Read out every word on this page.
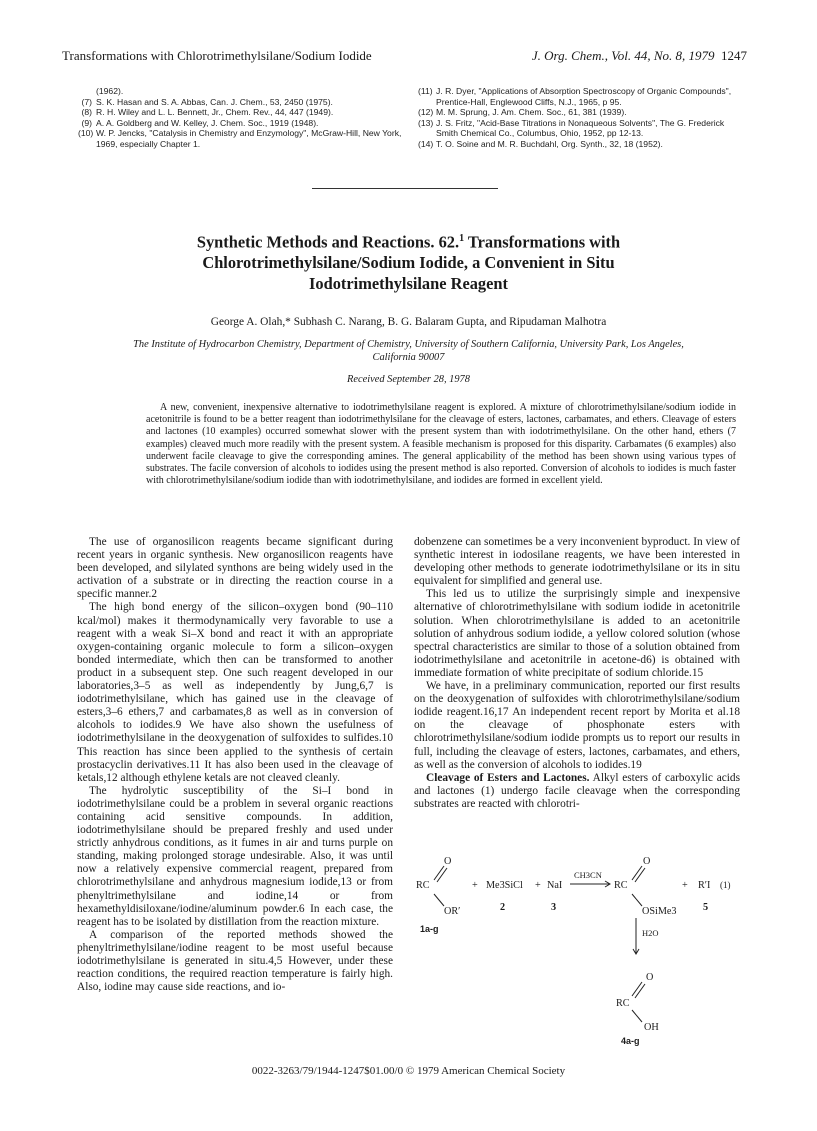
Transformations with Chlorotrimethylsilane/Sodium Iodide	J. Org. Chem., Vol. 44, No. 8, 1979 1247
(1962).
(7) S. K. Hasan and S. A. Abbas, Can. J. Chem., 53, 2450 (1975).
(8) R. H. Wiley and L. L. Bennett, Jr., Chem. Rev., 44, 447 (1949).
(9) A. A. Goldberg and W. Kelley, J. Chem. Soc., 1919 (1948).
(10) W. P. Jencks, "Catalysis in Chemistry and Enzymology", McGraw-Hill, New York, 1969, especially Chapter 1.
(11) J. R. Dyer, "Applications of Absorption Spectroscopy of Organic Compounds", Prentice-Hall, Englewood Cliffs, N.J., 1965, p 95.
(12) M. M. Sprung, J. Am. Chem. Soc., 61, 381 (1939).
(13) J. S. Fritz, "Acid-Base Titrations in Nonaqueous Solvents", The G. Frederick Smith Chemical Co., Columbus, Ohio, 1952, pp 12-13.
(14) T. O. Soine and M. R. Buchdahl, Org. Synth., 32, 18 (1952).
Synthetic Methods and Reactions. 62.$^1$ Transformations with Chlorotrimethylsilane/Sodium Iodide, a Convenient in Situ Iodotrimethylsilane Reagent
George A. Olah,* Subhash C. Narang, B. G. Balaram Gupta, and Ripudaman Malhotra
The Institute of Hydrocarbon Chemistry, Department of Chemistry, University of Southern California, University Park, Los Angeles, California 90007
Received September 28, 1978

A new, convenient, inexpensive alternative to iodotrimethylsilane reagent is explored. A mixture of chlorotrimethylsilane/sodium iodide in acetonitrile is found to be a better reagent than iodotrimethylsilane for the cleavage of esters, lactones, carbamates, and ethers. Cleavage of esters and lactones (10 examples) occurred somewhat slower with the present system than with iodotrimethylsilane. On the other hand, ethers (7 examples) cleaved much more readily with the present system. A feasible mechanism is proposed for this disparity. Carbamates (6 examples) also underwent facile cleavage to give the corresponding amines. The general applicability of the method has been shown using various types of substrates. The facile conversion of alcohols to iodides using the present method is also reported. Conversion of alcohols to iodides is much faster with chlorotrimethylsilane/sodium iodide than with iodotrimethylsilane, and iodides are formed in excellent yield.

The use of organosilicon reagents became significant during recent years in organic synthesis. New organosilicon reagents have been developed, and silylated synthons are being widely used in the activation of a substrate or in directing the reaction course in a specific manner.2

The high bond energy of the silicon–oxygen bond (90–110 kcal/mol) makes it thermodynamically very favorable to use a reagent with a weak Si–X bond and react it with an appropriate oxygen-containing organic molecule to form a silicon–oxygen bonded intermediate, which then can be transformed to another product in a subsequent step. One such reagent developed in our laboratories,3–5 as well as independently by Jung,6,7 is iodotrimethylsilane, which has gained use in the cleavage of esters,3–6 ethers,7 and carbamates,8 as well as in conversion of alcohols to iodides.9 We have also shown the usefulness of iodotrimethylsilane in the deoxygenation of sulfoxides to sulfides.10 This reaction has since been applied to the synthesis of certain prostacyclin derivatives.11 It has also been used in the cleavage of ketals,12 although ethylene ketals are not cleaved cleanly.

The hydrolytic susceptibility of the Si–I bond in iodotrimethylsilane could be a problem in several organic reactions containing acid sensitive compounds. In addition, iodotrimethylsilane should be prepared freshly and used under strictly anhydrous conditions, as it fumes in air and turns purple on standing, making prolonged storage undesirable. Also, it was until now a relatively expensive commercial reagent, prepared from chlorotrimethylsilane and anhydrous magnesium iodide,13 or from phenyltrimethylsilane and iodine,14 or from hexamethyldisiloxane/iodine/aluminum powder.6 In each case, the reagent has to be isolated by distillation from the reaction mixture.

A comparison of the reported methods showed the phenyltrimethylsilane/iodine reagent to be most useful because iodotrimethylsilane is generated in situ.4,5 However, under these reaction conditions, the required reaction temperature is fairly high. Also, iodine may cause side reactions, and io-

dobenzene can sometimes be a very inconvenient byproduct. In view of synthetic interest in iodosilane reagents, we have been interested in developing other methods to generate iodotrimethylsilane or its in situ equivalent for simplified and general use.

This led us to utilize the surprisingly simple and inexpensive alternative of chlorotrimethylsilane with sodium iodide in acetonitrile solution. When chlorotrimethylsilane is added to an acetonitrile solution of anhydrous sodium iodide, a yellow colored solution (whose spectral characteristics are similar to those of a solution obtained from iodotrimethylsilane and acetonitrile in acetone-d6) is obtained with immediate formation of white precipitate of sodium chloride.15

We have, in a preliminary communication, reported our first results on the deoxygenation of sulfoxides with chlorotrimethylsilane/sodium iodide reagent.16,17 An independent recent report by Morita et al.18 on the cleavage of phosphonate esters with chlorotrimethylsilane/sodium iodide prompts us to report our results in full, including the cleavage of esters, lactones, carbamates, and ethers, as well as the conversion of alcohols to iodides.19

Cleavage of Esters and Lactones. Alkyl esters of carboxylic acids and lactones (1) undergo facile cleavage when the corresponding substrates are reacted with chlorotri-

O
RC
OR′
+ Me3SiCl + NaI
CH3CN
O
RC
OSiMe3
+ R′I (1)
1a-g
2	3	5
H2O
O
RC
OH
4a-g
0022-3263/79/1944-1247$01.00/0 © 1979 American Chemical Society
